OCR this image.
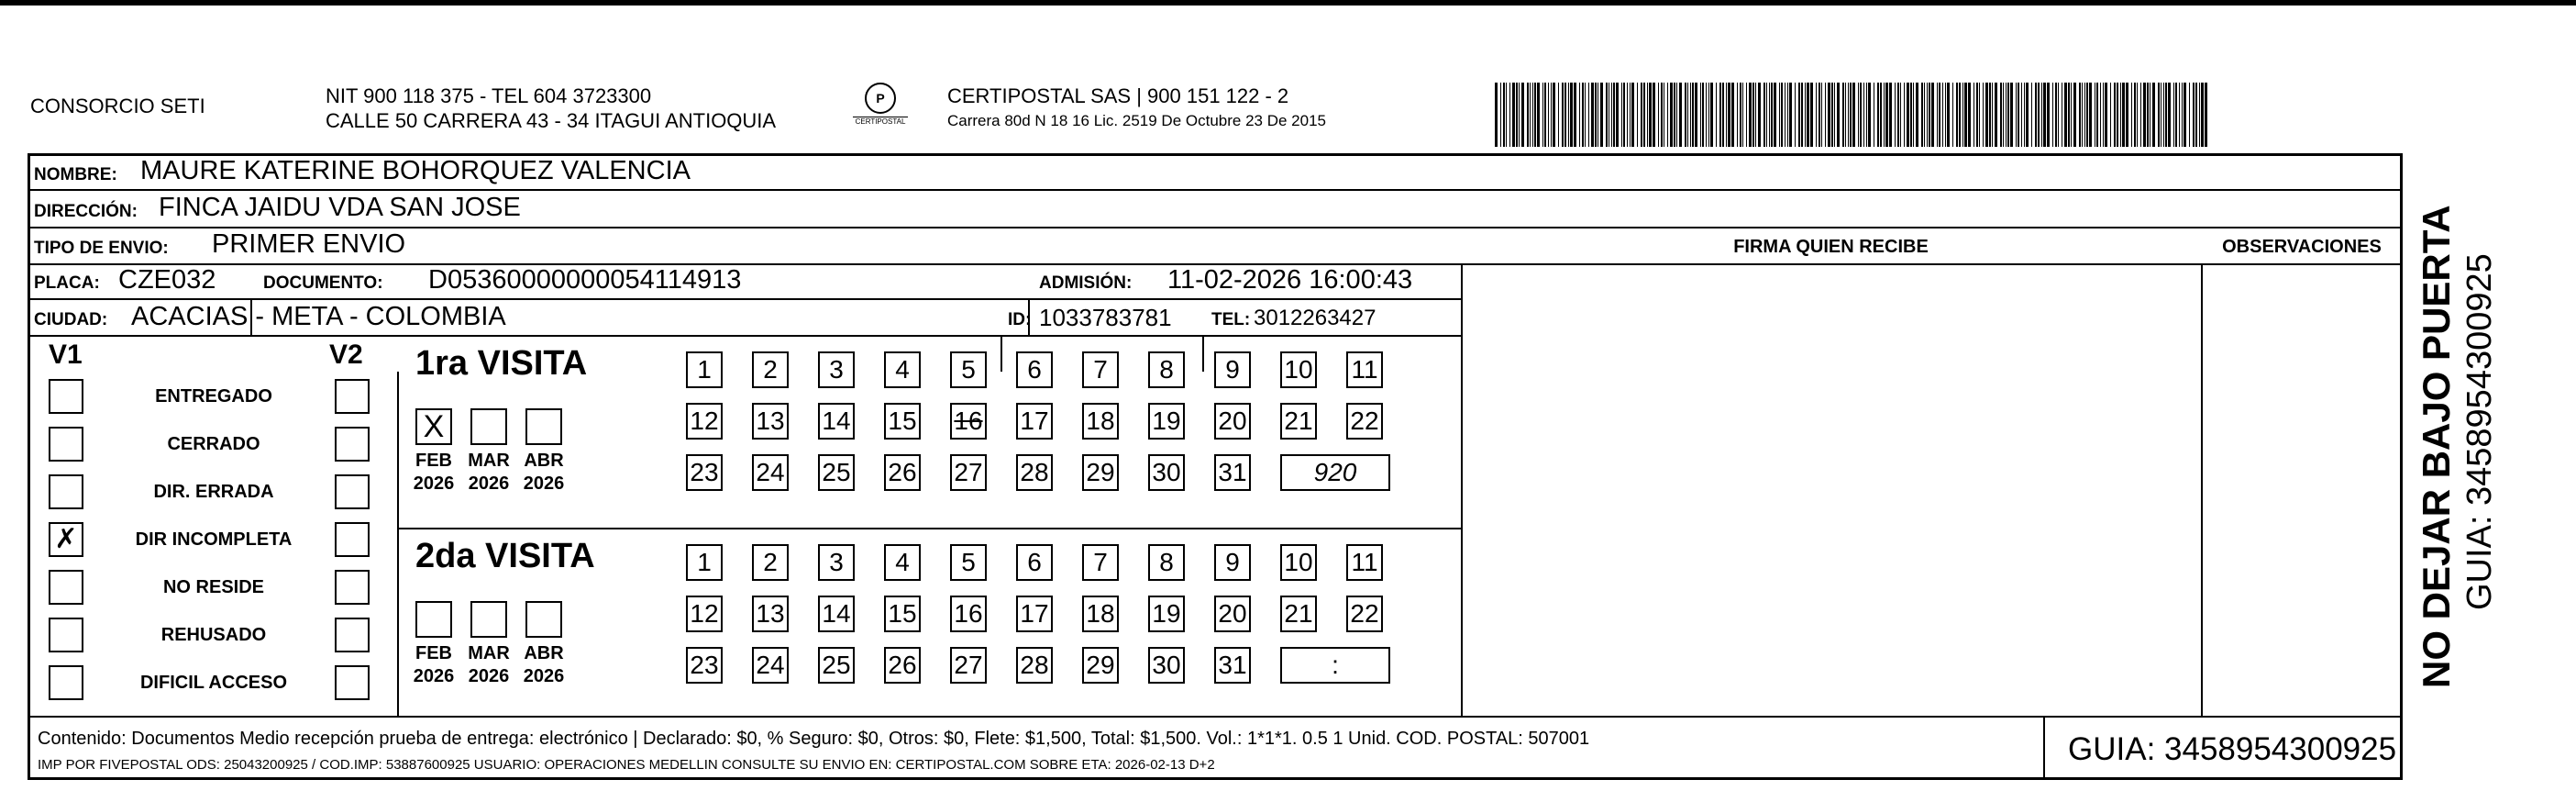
CONSORCIO SETI	NIT 900 118 375 - TEL 604 3723300
CALLE 50 CARRERA 43 - 34 ITAGUI ANTIOQUIA
P
CERTIPOSTAL
CERTIPOSTAL SAS | 900 151 122 - 2
Carrera 80d N 18 16 Lic. 2519 De Octubre 23 De 2015
NOMBRE: MAURE KATERINE BOHORQUEZ VALENCIA
DIRECCIÓN: FINCA JAIDU VDA SAN JOSE
TIPO DE ENVIO: PRIMER ENVIO	FIRMA QUIEN RECIBE	OBSERVACIONES
PLACA: CZE032	DOCUMENTO: D05360000000054114913	ADMISIÓN: 11-02-2026 16:00:43
CIUDAD: ACACIAS - META - COLOMBIA	ID: 1033783781 TEL: 3012263427
V1	V2
ENTREGADO
CERRADO
DIR. ERRADA
✗	DIR INCOMPLETA
NO RESIDE
REHUSADO
DIFICIL ACCESO
1ra VISITA
2da VISITA
X
FEB
2026
MAR
2026
ABR
2026
FEB
2026
MAR
2026
ABR
2026
1	2	3	4	5	6	7	8	9	10 11
12 13 14 15 16 17 18 19 20 21 22
23 24 25 26 27 28 29 30 31	920
1	2	3	4	5	6	7	8	9	10 11
12 13 14 15 16 17 18 19 20 21 22
23 24 25 26 27 28 29 30 31	:
Contenido: Documentos Medio recepción prueba de entrega: electrónico | Declarado: $0, % Seguro: $0, Otros: $0, Flete: $1,500, Total: $1,500. Vol.: 1*1*1. 0.5 1 Unid. COD. POSTAL: 507001
IMP POR FIVEPOSTAL ODS: 25043200925 / COD.IMP: 53887600925 USUARIO: OPERACIONES MEDELLIN CONSULTE SU ENVIO EN: CERTIPOSTAL.COM SOBRE ETA: 2026-02-13 D+2	GUIA: 3458954300925
NO DEJAR BAJO PUERTA GUIA: 3458954300925
